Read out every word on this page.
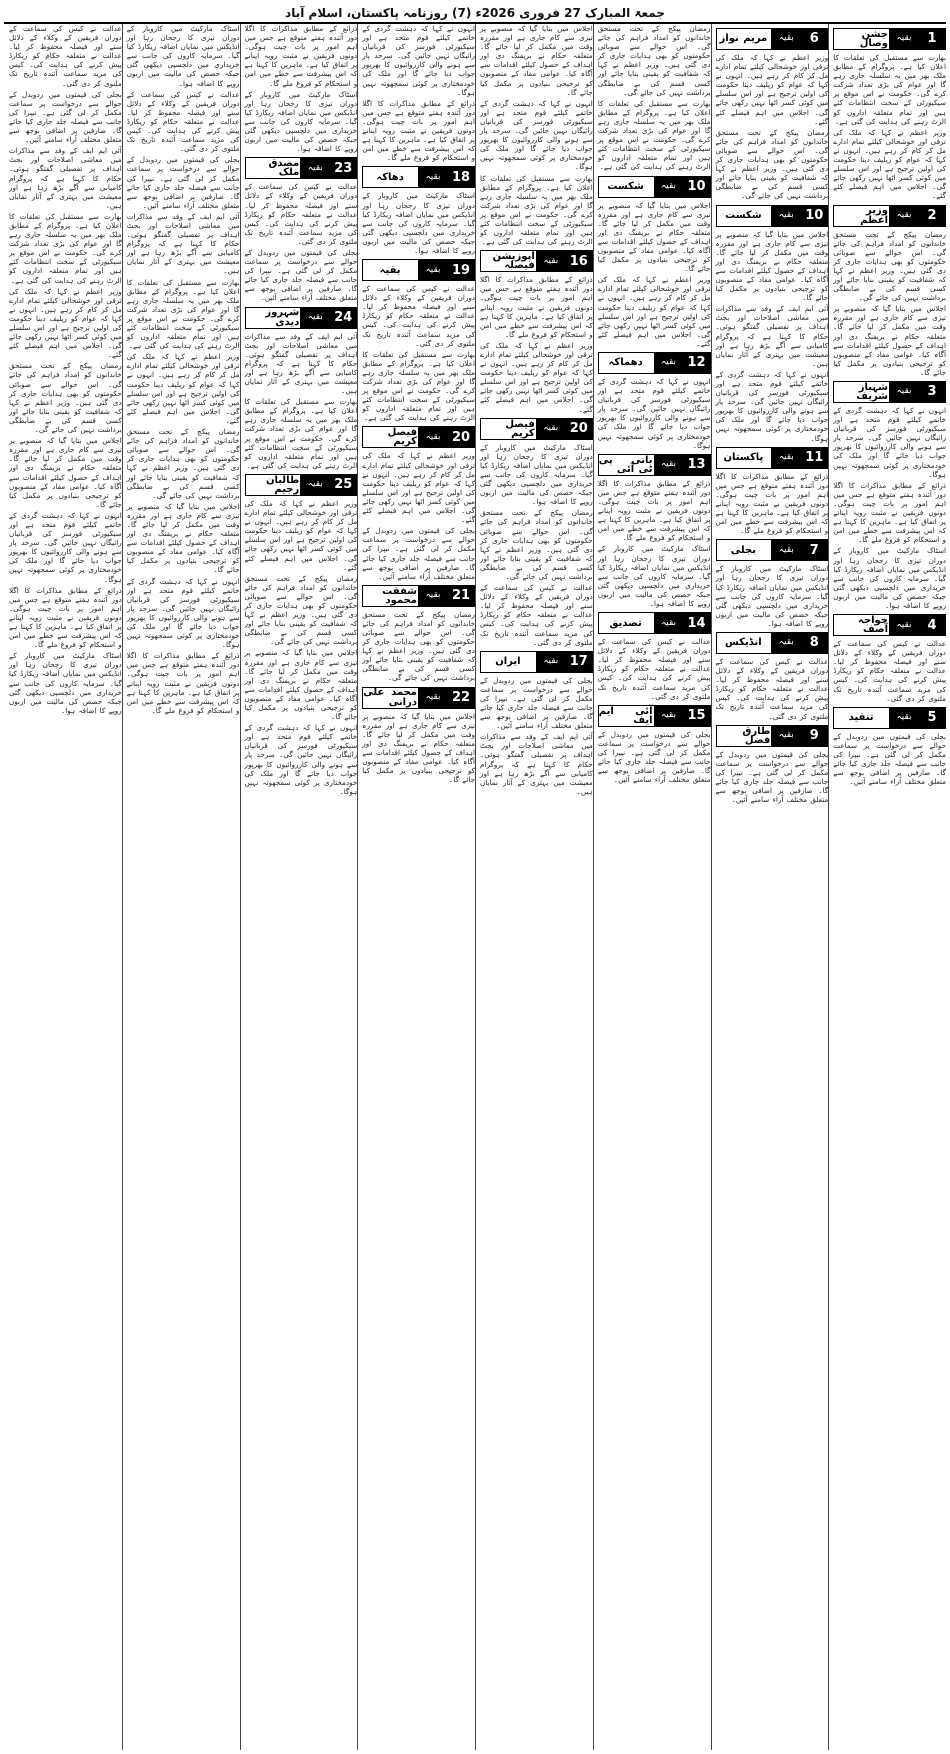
جمعۃ المبارک 27 فروری 2026ء (7) روزنامہ پاکستان، اسلام آباد
1
بقیہ
جشن وصال

بھارت سے مستقبل کی تعلقات کا اعلان کیا ہے۔ پروگرام کے مطابق ملک بھر میں یہ سلسلہ جاری رہے گا اور عوام کی بڑی تعداد شرکت کرے گی۔ حکومت نے اس موقع پر سیکیورٹی کے سخت انتظامات کئے ہیں اور تمام متعلقہ اداروں کو الرٹ رہنے کی ہدایت کی گئی ہے۔

وزیر اعظم نے کہا کہ ملک کی ترقی اور خوشحالی کیلئے تمام ادارے مل کر کام کر رہے ہیں۔ انہوں نے کہا کہ عوام کو ریلیف دینا حکومت کی اولین ترجیح ہے اور اس سلسلے میں کوئی کسر اٹھا نہیں رکھی جائے گی۔ اجلاس میں اہم فیصلے کئے گئے۔

2
بقیہ
وزیر اعظم

رمضان پیکج کے تحت مستحق خاندانوں کو امداد فراہم کی جائے گی۔ اس حوالے سے صوبائی حکومتوں کو بھی ہدایات جاری کر دی گئی ہیں۔ وزیر اعظم نے کہا کہ شفافیت کو یقینی بنایا جائے اور کسی قسم کی بے ضابطگی برداشت نہیں کی جائے گی۔

اجلاس میں بتایا گیا کہ منصوبے پر تیزی سے کام جاری ہے اور مقررہ وقت میں مکمل کر لیا جائے گا۔ متعلقہ حکام نے بریفنگ دی اور اہداف کے حصول کیلئے اقدامات سے آگاہ کیا۔ عوامی مفاد کے منصوبوں کو ترجیحی بنیادوں پر مکمل کیا جائے گا۔

3
بقیہ
شہباز شریف

انہوں نے کہا کہ دہشت گردی کے خاتمے کیلئے قوم متحد ہے اور سیکیورٹی فورسز کی قربانیاں رائیگاں نہیں جائیں گی۔ سرحد پار سے ہونے والی کارروائیوں کا بھرپور جواب دیا جائے گا اور ملک کی خودمختاری پر کوئی سمجھوتہ نہیں ہوگا۔

ذرائع کے مطابق مذاکرات کا اگلا دور آئندہ ہفتے متوقع ہے جس میں اہم امور پر بات چیت ہوگی۔ دونوں فریقین نے مثبت رویہ اپنانے پر اتفاق کیا ہے۔ ماہرین کا کہنا ہے کہ اس پیشرفت سے خطے میں امن و استحکام کو فروغ ملے گا۔

اسٹاک مارکیٹ میں کاروبار کے دوران تیزی کا رجحان رہا اور انڈیکس میں نمایاں اضافہ ریکارڈ کیا گیا۔ سرمایہ کاروں کی جانب سے خریداری میں دلچسپی دیکھی گئی جبکہ حصص کی مالیت میں اربوں روپے کا اضافہ ہوا۔

4
بقیہ
خواجہ آصف

عدالت نے کیس کی سماعت کے دوران فریقین کے وکلاء کے دلائل سنے اور فیصلہ محفوظ کر لیا۔ عدالت نے متعلقہ حکام کو ریکارڈ پیش کرنے کی ہدایت کی۔ کیس کی مزید سماعت آئندہ تاریخ تک ملتوی کر دی گئی۔

5
بقیہ
تنقید

بجلی کی قیمتوں میں ردوبدل کے حوالے سے درخواست پر سماعت مکمل کر لی گئی ہے۔ نیپرا کی جانب سے فیصلہ جلد جاری کیا جائے گا۔ صارفین پر اضافی بوجھ سے متعلق مختلف آراء سامنے آئیں۔

6
بقیہ
مریم نواز

وزیر اعظم نے کہا کہ ملک کی ترقی اور خوشحالی کیلئے تمام ادارے مل کر کام کر رہے ہیں۔ انہوں نے کہا کہ عوام کو ریلیف دینا حکومت کی اولین ترجیح ہے اور اس سلسلے میں کوئی کسر اٹھا نہیں رکھی جائے گی۔ اجلاس میں اہم فیصلے کئے گئے۔

رمضان پیکج کے تحت مستحق خاندانوں کو امداد فراہم کی جائے گی۔ اس حوالے سے صوبائی حکومتوں کو بھی ہدایات جاری کر دی گئی ہیں۔ وزیر اعظم نے کہا کہ شفافیت کو یقینی بنایا جائے اور کسی قسم کی بے ضابطگی برداشت نہیں کی جائے گی۔

10
بقیہ
شکست

اجلاس میں بتایا گیا کہ منصوبے پر تیزی سے کام جاری ہے اور مقررہ وقت میں مکمل کر لیا جائے گا۔ متعلقہ حکام نے بریفنگ دی اور اہداف کے حصول کیلئے اقدامات سے آگاہ کیا۔ عوامی مفاد کے منصوبوں کو ترجیحی بنیادوں پر مکمل کیا جائے گا۔

آئی ایم ایف کے وفد سے مذاکرات میں معاشی اصلاحات اور بجٹ اہداف پر تفصیلی گفتگو ہوئی۔ حکام کا کہنا ہے کہ پروگرام کامیابی سے آگے بڑھ رہا ہے اور معیشت میں بہتری کے آثار نمایاں ہیں۔

انہوں نے کہا کہ دہشت گردی کے خاتمے کیلئے قوم متحد ہے اور سیکیورٹی فورسز کی قربانیاں رائیگاں نہیں جائیں گی۔ سرحد پار سے ہونے والی کارروائیوں کا بھرپور جواب دیا جائے گا اور ملک کی خودمختاری پر کوئی سمجھوتہ نہیں ہوگا۔

11
بقیہ
پاکستان

ذرائع کے مطابق مذاکرات کا اگلا دور آئندہ ہفتے متوقع ہے جس میں اہم امور پر بات چیت ہوگی۔ دونوں فریقین نے مثبت رویہ اپنانے پر اتفاق کیا ہے۔ ماہرین کا کہنا ہے کہ اس پیشرفت سے خطے میں امن و استحکام کو فروغ ملے گا۔

7
بقیہ
بجلی

اسٹاک مارکیٹ میں کاروبار کے دوران تیزی کا رجحان رہا اور انڈیکس میں نمایاں اضافہ ریکارڈ کیا گیا۔ سرمایہ کاروں کی جانب سے خریداری میں دلچسپی دیکھی گئی جبکہ حصص کی مالیت میں اربوں روپے کا اضافہ ہوا۔

8
بقیہ
انڈیکس

عدالت نے کیس کی سماعت کے دوران فریقین کے وکلاء کے دلائل سنے اور فیصلہ محفوظ کر لیا۔ عدالت نے متعلقہ حکام کو ریکارڈ پیش کرنے کی ہدایت کی۔ کیس کی مزید سماعت آئندہ تاریخ تک ملتوی کر دی گئی۔

9
بقیہ
طارق فضل

بجلی کی قیمتوں میں ردوبدل کے حوالے سے درخواست پر سماعت مکمل کر لی گئی ہے۔ نیپرا کی جانب سے فیصلہ جلد جاری کیا جائے گا۔ صارفین پر اضافی بوجھ سے متعلق مختلف آراء سامنے آئیں۔

رمضان پیکج کے تحت مستحق خاندانوں کو امداد فراہم کی جائے گی۔ اس حوالے سے صوبائی حکومتوں کو بھی ہدایات جاری کر دی گئی ہیں۔ وزیر اعظم نے کہا کہ شفافیت کو یقینی بنایا جائے اور کسی قسم کی بے ضابطگی برداشت نہیں کی جائے گی۔

بھارت سے مستقبل کی تعلقات کا اعلان کیا ہے۔ پروگرام کے مطابق ملک بھر میں یہ سلسلہ جاری رہے گا اور عوام کی بڑی تعداد شرکت کرے گی۔ حکومت نے اس موقع پر سیکیورٹی کے سخت انتظامات کئے ہیں اور تمام متعلقہ اداروں کو الرٹ رہنے کی ہدایت کی گئی ہے۔

10
بقیہ
شکست

اجلاس میں بتایا گیا کہ منصوبے پر تیزی سے کام جاری ہے اور مقررہ وقت میں مکمل کر لیا جائے گا۔ متعلقہ حکام نے بریفنگ دی اور اہداف کے حصول کیلئے اقدامات سے آگاہ کیا۔ عوامی مفاد کے منصوبوں کو ترجیحی بنیادوں پر مکمل کیا جائے گا۔

وزیر اعظم نے کہا کہ ملک کی ترقی اور خوشحالی کیلئے تمام ادارے مل کر کام کر رہے ہیں۔ انہوں نے کہا کہ عوام کو ریلیف دینا حکومت کی اولین ترجیح ہے اور اس سلسلے میں کوئی کسر اٹھا نہیں رکھی جائے گی۔ اجلاس میں اہم فیصلے کئے گئے۔

12
بقیہ
دھماکہ

انہوں نے کہا کہ دہشت گردی کے خاتمے کیلئے قوم متحد ہے اور سیکیورٹی فورسز کی قربانیاں رائیگاں نہیں جائیں گی۔ سرحد پار سے ہونے والی کارروائیوں کا بھرپور جواب دیا جائے گا اور ملک کی خودمختاری پر کوئی سمجھوتہ نہیں ہوگا۔

13
بقیہ
بانی پی ٹی آئی

ذرائع کے مطابق مذاکرات کا اگلا دور آئندہ ہفتے متوقع ہے جس میں اہم امور پر بات چیت ہوگی۔ دونوں فریقین نے مثبت رویہ اپنانے پر اتفاق کیا ہے۔ ماہرین کا کہنا ہے کہ اس پیشرفت سے خطے میں امن و استحکام کو فروغ ملے گا۔

اسٹاک مارکیٹ میں کاروبار کے دوران تیزی کا رجحان رہا اور انڈیکس میں نمایاں اضافہ ریکارڈ کیا گیا۔ سرمایہ کاروں کی جانب سے خریداری میں دلچسپی دیکھی گئی جبکہ حصص کی مالیت میں اربوں روپے کا اضافہ ہوا۔

14
بقیہ
تصدیق

عدالت نے کیس کی سماعت کے دوران فریقین کے وکلاء کے دلائل سنے اور فیصلہ محفوظ کر لیا۔ عدالت نے متعلقہ حکام کو ریکارڈ پیش کرنے کی ہدایت کی۔ کیس کی مزید سماعت آئندہ تاریخ تک ملتوی کر دی گئی۔

15
بقیہ
آئی ایم ایف

بجلی کی قیمتوں میں ردوبدل کے حوالے سے درخواست پر سماعت مکمل کر لی گئی ہے۔ نیپرا کی جانب سے فیصلہ جلد جاری کیا جائے گا۔ صارفین پر اضافی بوجھ سے متعلق مختلف آراء سامنے آئیں۔

اجلاس میں بتایا گیا کہ منصوبے پر تیزی سے کام جاری ہے اور مقررہ وقت میں مکمل کر لیا جائے گا۔ متعلقہ حکام نے بریفنگ دی اور اہداف کے حصول کیلئے اقدامات سے آگاہ کیا۔ عوامی مفاد کے منصوبوں کو ترجیحی بنیادوں پر مکمل کیا جائے گا۔

انہوں نے کہا کہ دہشت گردی کے خاتمے کیلئے قوم متحد ہے اور سیکیورٹی فورسز کی قربانیاں رائیگاں نہیں جائیں گی۔ سرحد پار سے ہونے والی کارروائیوں کا بھرپور جواب دیا جائے گا اور ملک کی خودمختاری پر کوئی سمجھوتہ نہیں ہوگا۔

بھارت سے مستقبل کی تعلقات کا اعلان کیا ہے۔ پروگرام کے مطابق ملک بھر میں یہ سلسلہ جاری رہے گا اور عوام کی بڑی تعداد شرکت کرے گی۔ حکومت نے اس موقع پر سیکیورٹی کے سخت انتظامات کئے ہیں اور تمام متعلقہ اداروں کو الرٹ رہنے کی ہدایت کی گئی ہے۔

16
بقیہ
اپوزیشن فیصلہ

ذرائع کے مطابق مذاکرات کا اگلا دور آئندہ ہفتے متوقع ہے جس میں اہم امور پر بات چیت ہوگی۔ دونوں فریقین نے مثبت رویہ اپنانے پر اتفاق کیا ہے۔ ماہرین کا کہنا ہے کہ اس پیشرفت سے خطے میں امن و استحکام کو فروغ ملے گا۔

وزیر اعظم نے کہا کہ ملک کی ترقی اور خوشحالی کیلئے تمام ادارے مل کر کام کر رہے ہیں۔ انہوں نے کہا کہ عوام کو ریلیف دینا حکومت کی اولین ترجیح ہے اور اس سلسلے میں کوئی کسر اٹھا نہیں رکھی جائے گی۔ اجلاس میں اہم فیصلے کئے گئے۔

20
بقیہ
فیصل کریم

اسٹاک مارکیٹ میں کاروبار کے دوران تیزی کا رجحان رہا اور انڈیکس میں نمایاں اضافہ ریکارڈ کیا گیا۔ سرمایہ کاروں کی جانب سے خریداری میں دلچسپی دیکھی گئی جبکہ حصص کی مالیت میں اربوں روپے کا اضافہ ہوا۔

رمضان پیکج کے تحت مستحق خاندانوں کو امداد فراہم کی جائے گی۔ اس حوالے سے صوبائی حکومتوں کو بھی ہدایات جاری کر دی گئی ہیں۔ وزیر اعظم نے کہا کہ شفافیت کو یقینی بنایا جائے اور کسی قسم کی بے ضابطگی برداشت نہیں کی جائے گی۔

عدالت نے کیس کی سماعت کے دوران فریقین کے وکلاء کے دلائل سنے اور فیصلہ محفوظ کر لیا۔ عدالت نے متعلقہ حکام کو ریکارڈ پیش کرنے کی ہدایت کی۔ کیس کی مزید سماعت آئندہ تاریخ تک ملتوی کر دی گئی۔

17
بقیہ
ایران

بجلی کی قیمتوں میں ردوبدل کے حوالے سے درخواست پر سماعت مکمل کر لی گئی ہے۔ نیپرا کی جانب سے فیصلہ جلد جاری کیا جائے گا۔ صارفین پر اضافی بوجھ سے متعلق مختلف آراء سامنے آئیں۔

آئی ایم ایف کے وفد سے مذاکرات میں معاشی اصلاحات اور بجٹ اہداف پر تفصیلی گفتگو ہوئی۔ حکام کا کہنا ہے کہ پروگرام کامیابی سے آگے بڑھ رہا ہے اور معیشت میں بہتری کے آثار نمایاں ہیں۔

انہوں نے کہا کہ دہشت گردی کے خاتمے کیلئے قوم متحد ہے اور سیکیورٹی فورسز کی قربانیاں رائیگاں نہیں جائیں گی۔ سرحد پار سے ہونے والی کارروائیوں کا بھرپور جواب دیا جائے گا اور ملک کی خودمختاری پر کوئی سمجھوتہ نہیں ہوگا۔

ذرائع کے مطابق مذاکرات کا اگلا دور آئندہ ہفتے متوقع ہے جس میں اہم امور پر بات چیت ہوگی۔ دونوں فریقین نے مثبت رویہ اپنانے پر اتفاق کیا ہے۔ ماہرین کا کہنا ہے کہ اس پیشرفت سے خطے میں امن و استحکام کو فروغ ملے گا۔

18
بقیہ
دھاکہ

اسٹاک مارکیٹ میں کاروبار کے دوران تیزی کا رجحان رہا اور انڈیکس میں نمایاں اضافہ ریکارڈ کیا گیا۔ سرمایہ کاروں کی جانب سے خریداری میں دلچسپی دیکھی گئی جبکہ حصص کی مالیت میں اربوں روپے کا اضافہ ہوا۔

19
بقیہ
بقیہ

عدالت نے کیس کی سماعت کے دوران فریقین کے وکلاء کے دلائل سنے اور فیصلہ محفوظ کر لیا۔ عدالت نے متعلقہ حکام کو ریکارڈ پیش کرنے کی ہدایت کی۔ کیس کی مزید سماعت آئندہ تاریخ تک ملتوی کر دی گئی۔

بھارت سے مستقبل کی تعلقات کا اعلان کیا ہے۔ پروگرام کے مطابق ملک بھر میں یہ سلسلہ جاری رہے گا اور عوام کی بڑی تعداد شرکت کرے گی۔ حکومت نے اس موقع پر سیکیورٹی کے سخت انتظامات کئے ہیں اور تمام متعلقہ اداروں کو الرٹ رہنے کی ہدایت کی گئی ہے۔

20
بقیہ
فیصل کریم

وزیر اعظم نے کہا کہ ملک کی ترقی اور خوشحالی کیلئے تمام ادارے مل کر کام کر رہے ہیں۔ انہوں نے کہا کہ عوام کو ریلیف دینا حکومت کی اولین ترجیح ہے اور اس سلسلے میں کوئی کسر اٹھا نہیں رکھی جائے گی۔ اجلاس میں اہم فیصلے کئے گئے۔

بجلی کی قیمتوں میں ردوبدل کے حوالے سے درخواست پر سماعت مکمل کر لی گئی ہے۔ نیپرا کی جانب سے فیصلہ جلد جاری کیا جائے گا۔ صارفین پر اضافی بوجھ سے متعلق مختلف آراء سامنے آئیں۔

21
بقیہ
شفقت محمود

رمضان پیکج کے تحت مستحق خاندانوں کو امداد فراہم کی جائے گی۔ اس حوالے سے صوبائی حکومتوں کو بھی ہدایات جاری کر دی گئی ہیں۔ وزیر اعظم نے کہا کہ شفافیت کو یقینی بنایا جائے اور کسی قسم کی بے ضابطگی برداشت نہیں کی جائے گی۔

22
بقیہ
محمد علی درانی

اجلاس میں بتایا گیا کہ منصوبے پر تیزی سے کام جاری ہے اور مقررہ وقت میں مکمل کر لیا جائے گا۔ متعلقہ حکام نے بریفنگ دی اور اہداف کے حصول کیلئے اقدامات سے آگاہ کیا۔ عوامی مفاد کے منصوبوں کو ترجیحی بنیادوں پر مکمل کیا جائے گا۔

ذرائع کے مطابق مذاکرات کا اگلا دور آئندہ ہفتے متوقع ہے جس میں اہم امور پر بات چیت ہوگی۔ دونوں فریقین نے مثبت رویہ اپنانے پر اتفاق کیا ہے۔ ماہرین کا کہنا ہے کہ اس پیشرفت سے خطے میں امن و استحکام کو فروغ ملے گا۔

اسٹاک مارکیٹ میں کاروبار کے دوران تیزی کا رجحان رہا اور انڈیکس میں نمایاں اضافہ ریکارڈ کیا گیا۔ سرمایہ کاروں کی جانب سے خریداری میں دلچسپی دیکھی گئی جبکہ حصص کی مالیت میں اربوں روپے کا اضافہ ہوا۔

23
بقیہ
مصدق ملک

عدالت نے کیس کی سماعت کے دوران فریقین کے وکلاء کے دلائل سنے اور فیصلہ محفوظ کر لیا۔ عدالت نے متعلقہ حکام کو ریکارڈ پیش کرنے کی ہدایت کی۔ کیس کی مزید سماعت آئندہ تاریخ تک ملتوی کر دی گئی۔

بجلی کی قیمتوں میں ردوبدل کے حوالے سے درخواست پر سماعت مکمل کر لی گئی ہے۔ نیپرا کی جانب سے فیصلہ جلد جاری کیا جائے گا۔ صارفین پر اضافی بوجھ سے متعلق مختلف آراء سامنے آئیں۔

24
بقیہ
شہروز دیدی

آئی ایم ایف کے وفد سے مذاکرات میں معاشی اصلاحات اور بجٹ اہداف پر تفصیلی گفتگو ہوئی۔ حکام کا کہنا ہے کہ پروگرام کامیابی سے آگے بڑھ رہا ہے اور معیشت میں بہتری کے آثار نمایاں ہیں۔

بھارت سے مستقبل کی تعلقات کا اعلان کیا ہے۔ پروگرام کے مطابق ملک بھر میں یہ سلسلہ جاری رہے گا اور عوام کی بڑی تعداد شرکت کرے گی۔ حکومت نے اس موقع پر سیکیورٹی کے سخت انتظامات کئے ہیں اور تمام متعلقہ اداروں کو الرٹ رہنے کی ہدایت کی گئی ہے۔

25
بقیہ
طالبان رجیم

وزیر اعظم نے کہا کہ ملک کی ترقی اور خوشحالی کیلئے تمام ادارے مل کر کام کر رہے ہیں۔ انہوں نے کہا کہ عوام کو ریلیف دینا حکومت کی اولین ترجیح ہے اور اس سلسلے میں کوئی کسر اٹھا نہیں رکھی جائے گی۔ اجلاس میں اہم فیصلے کئے گئے۔

رمضان پیکج کے تحت مستحق خاندانوں کو امداد فراہم کی جائے گی۔ اس حوالے سے صوبائی حکومتوں کو بھی ہدایات جاری کر دی گئی ہیں۔ وزیر اعظم نے کہا کہ شفافیت کو یقینی بنایا جائے اور کسی قسم کی بے ضابطگی برداشت نہیں کی جائے گی۔

اجلاس میں بتایا گیا کہ منصوبے پر تیزی سے کام جاری ہے اور مقررہ وقت میں مکمل کر لیا جائے گا۔ متعلقہ حکام نے بریفنگ دی اور اہداف کے حصول کیلئے اقدامات سے آگاہ کیا۔ عوامی مفاد کے منصوبوں کو ترجیحی بنیادوں پر مکمل کیا جائے گا۔

انہوں نے کہا کہ دہشت گردی کے خاتمے کیلئے قوم متحد ہے اور سیکیورٹی فورسز کی قربانیاں رائیگاں نہیں جائیں گی۔ سرحد پار سے ہونے والی کارروائیوں کا بھرپور جواب دیا جائے گا اور ملک کی خودمختاری پر کوئی سمجھوتہ نہیں ہوگا۔

اسٹاک مارکیٹ میں کاروبار کے دوران تیزی کا رجحان رہا اور انڈیکس میں نمایاں اضافہ ریکارڈ کیا گیا۔ سرمایہ کاروں کی جانب سے خریداری میں دلچسپی دیکھی گئی جبکہ حصص کی مالیت میں اربوں روپے کا اضافہ ہوا۔

عدالت نے کیس کی سماعت کے دوران فریقین کے وکلاء کے دلائل سنے اور فیصلہ محفوظ کر لیا۔ عدالت نے متعلقہ حکام کو ریکارڈ پیش کرنے کی ہدایت کی۔ کیس کی مزید سماعت آئندہ تاریخ تک ملتوی کر دی گئی۔

بجلی کی قیمتوں میں ردوبدل کے حوالے سے درخواست پر سماعت مکمل کر لی گئی ہے۔ نیپرا کی جانب سے فیصلہ جلد جاری کیا جائے گا۔ صارفین پر اضافی بوجھ سے متعلق مختلف آراء سامنے آئیں۔

آئی ایم ایف کے وفد سے مذاکرات میں معاشی اصلاحات اور بجٹ اہداف پر تفصیلی گفتگو ہوئی۔ حکام کا کہنا ہے کہ پروگرام کامیابی سے آگے بڑھ رہا ہے اور معیشت میں بہتری کے آثار نمایاں ہیں۔

بھارت سے مستقبل کی تعلقات کا اعلان کیا ہے۔ پروگرام کے مطابق ملک بھر میں یہ سلسلہ جاری رہے گا اور عوام کی بڑی تعداد شرکت کرے گی۔ حکومت نے اس موقع پر سیکیورٹی کے سخت انتظامات کئے ہیں اور تمام متعلقہ اداروں کو الرٹ رہنے کی ہدایت کی گئی ہے۔

وزیر اعظم نے کہا کہ ملک کی ترقی اور خوشحالی کیلئے تمام ادارے مل کر کام کر رہے ہیں۔ انہوں نے کہا کہ عوام کو ریلیف دینا حکومت کی اولین ترجیح ہے اور اس سلسلے میں کوئی کسر اٹھا نہیں رکھی جائے گی۔ اجلاس میں اہم فیصلے کئے گئے۔

رمضان پیکج کے تحت مستحق خاندانوں کو امداد فراہم کی جائے گی۔ اس حوالے سے صوبائی حکومتوں کو بھی ہدایات جاری کر دی گئی ہیں۔ وزیر اعظم نے کہا کہ شفافیت کو یقینی بنایا جائے اور کسی قسم کی بے ضابطگی برداشت نہیں کی جائے گی۔

اجلاس میں بتایا گیا کہ منصوبے پر تیزی سے کام جاری ہے اور مقررہ وقت میں مکمل کر لیا جائے گا۔ متعلقہ حکام نے بریفنگ دی اور اہداف کے حصول کیلئے اقدامات سے آگاہ کیا۔ عوامی مفاد کے منصوبوں کو ترجیحی بنیادوں پر مکمل کیا جائے گا۔

انہوں نے کہا کہ دہشت گردی کے خاتمے کیلئے قوم متحد ہے اور سیکیورٹی فورسز کی قربانیاں رائیگاں نہیں جائیں گی۔ سرحد پار سے ہونے والی کارروائیوں کا بھرپور جواب دیا جائے گا اور ملک کی خودمختاری پر کوئی سمجھوتہ نہیں ہوگا۔

ذرائع کے مطابق مذاکرات کا اگلا دور آئندہ ہفتے متوقع ہے جس میں اہم امور پر بات چیت ہوگی۔ دونوں فریقین نے مثبت رویہ اپنانے پر اتفاق کیا ہے۔ ماہرین کا کہنا ہے کہ اس پیشرفت سے خطے میں امن و استحکام کو فروغ ملے گا۔

عدالت نے کیس کی سماعت کے دوران فریقین کے وکلاء کے دلائل سنے اور فیصلہ محفوظ کر لیا۔ عدالت نے متعلقہ حکام کو ریکارڈ پیش کرنے کی ہدایت کی۔ کیس کی مزید سماعت آئندہ تاریخ تک ملتوی کر دی گئی۔

بجلی کی قیمتوں میں ردوبدل کے حوالے سے درخواست پر سماعت مکمل کر لی گئی ہے۔ نیپرا کی جانب سے فیصلہ جلد جاری کیا جائے گا۔ صارفین پر اضافی بوجھ سے متعلق مختلف آراء سامنے آئیں۔

آئی ایم ایف کے وفد سے مذاکرات میں معاشی اصلاحات اور بجٹ اہداف پر تفصیلی گفتگو ہوئی۔ حکام کا کہنا ہے کہ پروگرام کامیابی سے آگے بڑھ رہا ہے اور معیشت میں بہتری کے آثار نمایاں ہیں۔

بھارت سے مستقبل کی تعلقات کا اعلان کیا ہے۔ پروگرام کے مطابق ملک بھر میں یہ سلسلہ جاری رہے گا اور عوام کی بڑی تعداد شرکت کرے گی۔ حکومت نے اس موقع پر سیکیورٹی کے سخت انتظامات کئے ہیں اور تمام متعلقہ اداروں کو الرٹ رہنے کی ہدایت کی گئی ہے۔

وزیر اعظم نے کہا کہ ملک کی ترقی اور خوشحالی کیلئے تمام ادارے مل کر کام کر رہے ہیں۔ انہوں نے کہا کہ عوام کو ریلیف دینا حکومت کی اولین ترجیح ہے اور اس سلسلے میں کوئی کسر اٹھا نہیں رکھی جائے گی۔ اجلاس میں اہم فیصلے کئے گئے۔

رمضان پیکج کے تحت مستحق خاندانوں کو امداد فراہم کی جائے گی۔ اس حوالے سے صوبائی حکومتوں کو بھی ہدایات جاری کر دی گئی ہیں۔ وزیر اعظم نے کہا کہ شفافیت کو یقینی بنایا جائے اور کسی قسم کی بے ضابطگی برداشت نہیں کی جائے گی۔

اجلاس میں بتایا گیا کہ منصوبے پر تیزی سے کام جاری ہے اور مقررہ وقت میں مکمل کر لیا جائے گا۔ متعلقہ حکام نے بریفنگ دی اور اہداف کے حصول کیلئے اقدامات سے آگاہ کیا۔ عوامی مفاد کے منصوبوں کو ترجیحی بنیادوں پر مکمل کیا جائے گا۔

انہوں نے کہا کہ دہشت گردی کے خاتمے کیلئے قوم متحد ہے اور سیکیورٹی فورسز کی قربانیاں رائیگاں نہیں جائیں گی۔ سرحد پار سے ہونے والی کارروائیوں کا بھرپور جواب دیا جائے گا اور ملک کی خودمختاری پر کوئی سمجھوتہ نہیں ہوگا۔

ذرائع کے مطابق مذاکرات کا اگلا دور آئندہ ہفتے متوقع ہے جس میں اہم امور پر بات چیت ہوگی۔ دونوں فریقین نے مثبت رویہ اپنانے پر اتفاق کیا ہے۔ ماہرین کا کہنا ہے کہ اس پیشرفت سے خطے میں امن و استحکام کو فروغ ملے گا۔

اسٹاک مارکیٹ میں کاروبار کے دوران تیزی کا رجحان رہا اور انڈیکس میں نمایاں اضافہ ریکارڈ کیا گیا۔ سرمایہ کاروں کی جانب سے خریداری میں دلچسپی دیکھی گئی جبکہ حصص کی مالیت میں اربوں روپے کا اضافہ ہوا۔
